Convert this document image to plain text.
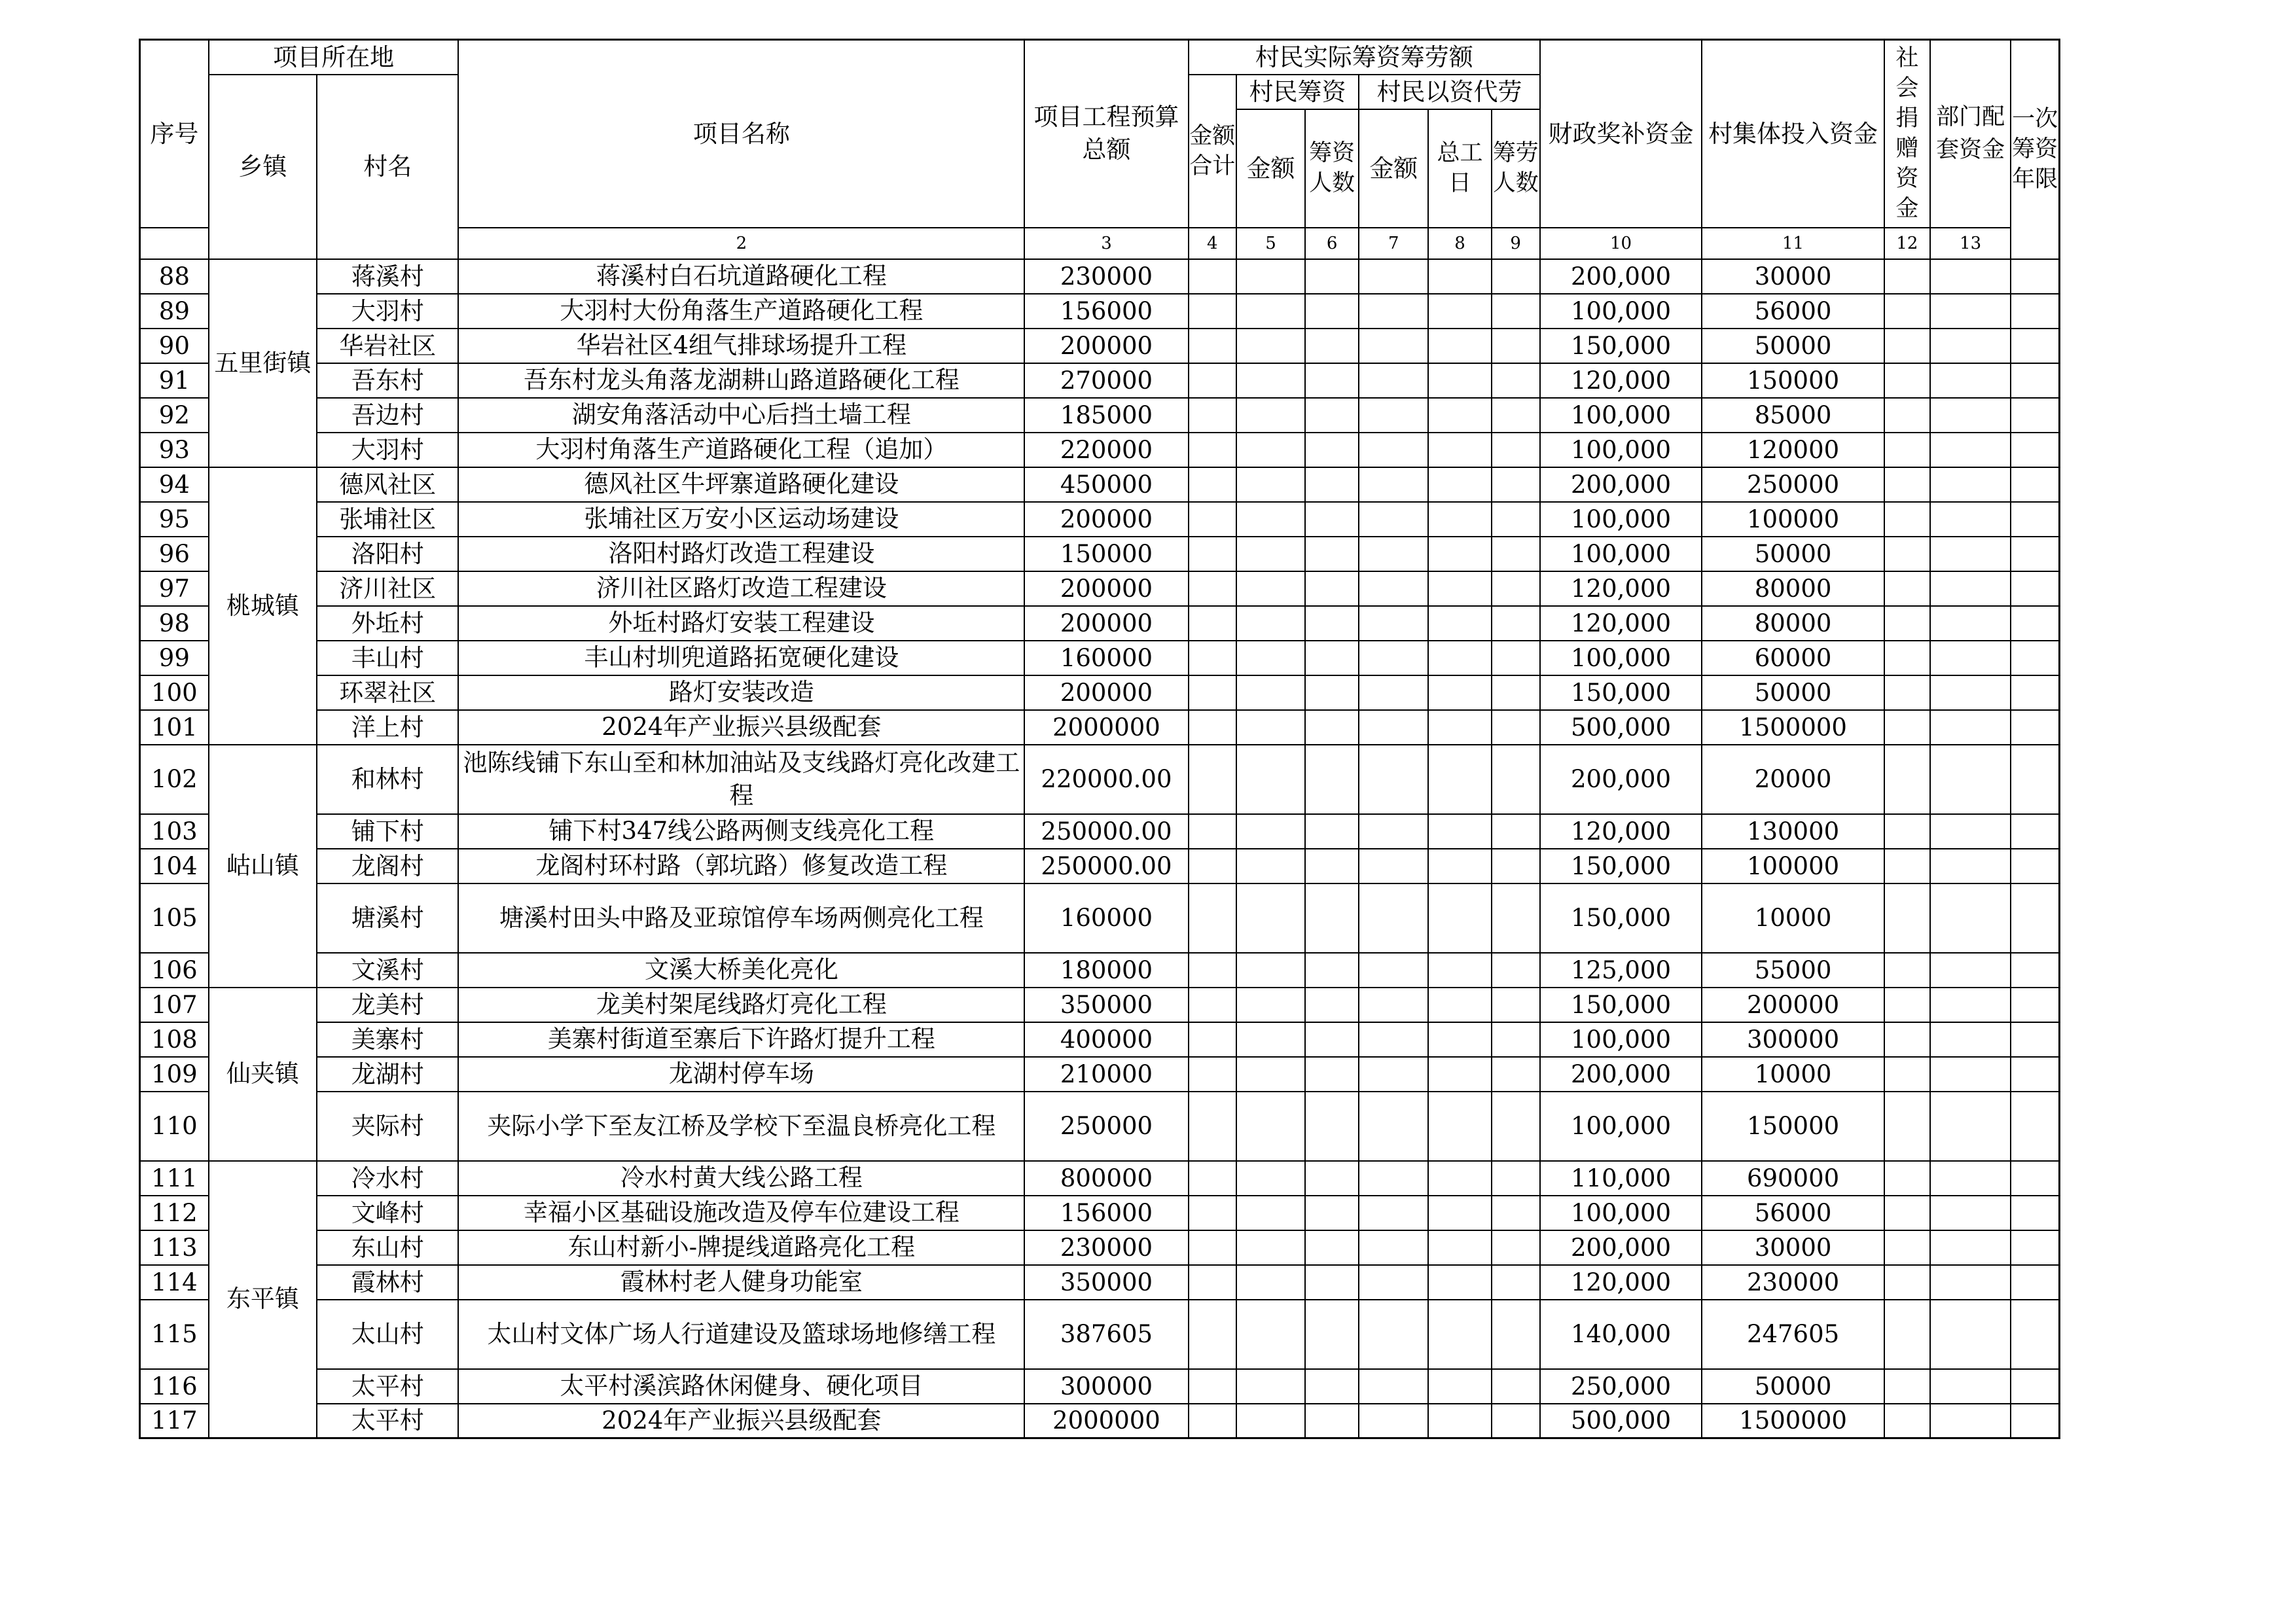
序号	项目所在地		项目名称	项目工程预算总额	村民实际筹资筹劳额						财政奖补资金	村集体投入资金	社会捐赠资金	部门配套资金	一次筹资年限
	乡镇	村名			金额合计	村民筹资		村民以资代劳							
						金额	筹资人数	金额	总工日	筹劳人数					
			2	3	4	5	6	7	8	9	10	11	12	13	
88	五里街镇	蒋溪村	蒋溪村白石坑道路硬化工程	230000							200,000	30000			
89		大羽村	大羽村大份角落生产道路硬化工程	156000							100,000	56000			
90		华岩社区	华岩社区4组气排球场提升工程	200000							150,000	50000			
91		吾东村	吾东村龙头角落龙湖耕山路道路硬化工程	270000							120,000	150000			
92		吾边村	湖安角落活动中心后挡土墙工程	185000							100,000	85000			
93		大羽村	大羽村角落生产道路硬化工程（追加）	220000							100,000	120000			
94	桃城镇	德风社区	德风社区牛坪寨道路硬化建设	450000							200,000	250000			
95		张埔社区	张埔社区万安小区运动场建设	200000							100,000	100000			
96		洛阳村	洛阳村路灯改造工程建设	150000							100,000	50000			
97		济川社区	济川社区路灯改造工程建设	200000							120,000	80000			
98		外坵村	外坵村路灯安装工程建设	200000							120,000	80000			
99		丰山村	丰山村圳兜道路拓宽硬化建设	160000							100,000	60000			
100		环翠社区	路灯安装改造	200000							150,000	50000			
101		洋上村	2024年产业振兴县级配套	2000000							500,000	1500000			
102	岵山镇	和林村	池陈线铺下东山至和林加油站及支线路灯亮化改建工程	220000.00							200,000	20000			
103		铺下村	铺下村347线公路两侧支线亮化工程	250000.00							120,000	130000			
104		龙阁村	龙阁村环村路（郭坑路）修复改造工程	250000.00							150,000	100000			
105		塘溪村	塘溪村田头中路及亚琼馆停车场两侧亮化工程	160000							150,000	10000			
106		文溪村	文溪大桥美化亮化	180000							125,000	55000			
107	仙夹镇	龙美村	龙美村架尾线路灯亮化工程	350000							150,000	200000			
108		美寨村	美寨村街道至寨后下许路灯提升工程	400000							100,000	300000			
109		龙湖村	龙湖村停车场	210000							200,000	10000			
110		夹际村	夹际小学下至友江桥及学校下至温良桥亮化工程	250000							100,000	150000			
111	东平镇	冷水村	冷水村黄大线公路工程	800000							110,000	690000			
112		文峰村	幸福小区基础设施改造及停车位建设工程	156000							100,000	56000			
113		东山村	东山村新小-牌提线道路亮化工程	230000							200,000	30000			
114		霞林村	霞林村老人健身功能室	350000							120,000	230000			
115		太山村	太山村文体广场人行道建设及篮球场地修缮工程	387605							140,000	247605			
116		太平村	太平村溪滨路休闲健身、硬化项目	300000							250,000	50000			
117		太平村	2024年产业振兴县级配套	2000000							500,000	1500000			
